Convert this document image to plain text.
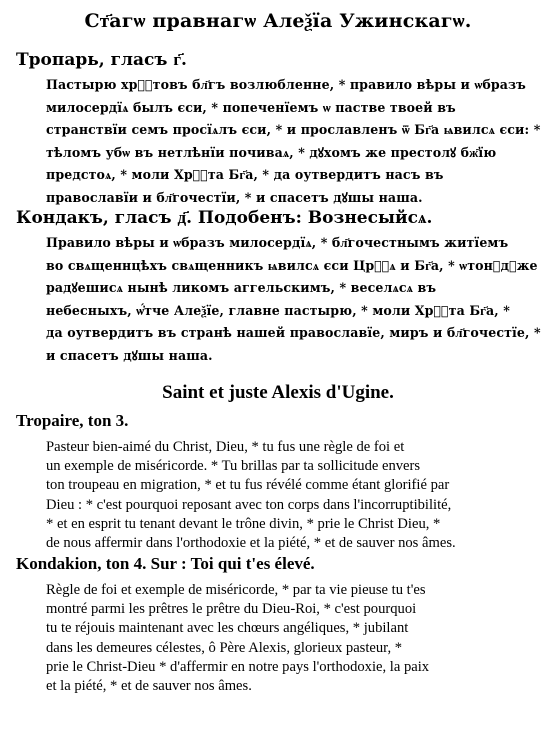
Ст҃агѡ правнагѡ Алеѯїа Ужинскагѡ.
Тропарь, гласъ г҃.
Пастырю хрⷭ҇товъ бл҃гъ возлюбленне, * правило вѣры и ѡбразъ
милосердїѧ былъ єси, * попеченїемъ ѡ пастве твоей въ
странствїи семъ просїѧлъ єси, * и прославленъ ѿ Бг҃а ѩвилсѧ єси: *
тѣломъ убѡ въ нетлѣнїи почиваѧ, * дꙋхомъ же престолꙋ бж҃їю
предстоѧ, * моли Хрⷭ҇та Бг҃а, * да оутвердитъ насъ въ
православїи и бл҃гочестїи, * и спасетъ дꙋшы наша.
Кондакъ, гласъ д҃. Подобенъ: Вознесыйсѧ.
Правило вѣры и ѡбразъ милосердїѧ, * бл҃гочестнымъ житїемъ
во свѧщеннцѣхъ свѧщенникъ ѩвилсѧ єси Црⷭ҇ѧ и Бг҃а, * ѡтонꙋдꙋже
радꙋешисѧ нынѣ ликомъ аггельскимъ, * веселѧсѧ въ
небесныхъ, ѡ҆́тче Алеѯїе, главне пастырю, * моли Хрⷭ҇та Бг҃а, *
да оутвердитъ въ странѣ нашей православїе, миръ и бл҃гочестїе, *
и спасетъ дꙋшы наша.
Saint et juste Alexis d'Ugine.
Tropaire, ton 3.
Pasteur bien-aimé du Christ, Dieu, * tu fus une règle de foi et
un exemple de miséricorde. * Tu brillas par ta sollicitude envers
ton troupeau en migration, * et tu fus révélé comme étant glorifié par
Dieu : * c'est pourquoi reposant avec ton corps dans l'incorruptibilité,
* et en esprit tu tenant devant le trône divin, * prie le Christ Dieu, *
de nous affermir dans l'orthodoxie et la piété, * et de sauver nos âmes.
Kondakion, ton 4. Sur : Toi qui t'es élevé.
Règle de foi et exemple de miséricorde, * par ta vie pieuse tu t'es
montré parmi les prêtres le prêtre du Dieu-Roi, * c'est pourquoi
tu te réjouis maintenant avec les chœurs angéliques, * jubilant
dans les demeures célestes, ô Père Alexis, glorieux pasteur, *
prie le Christ-Dieu * d'affermir en notre pays l'orthodoxie, la paix
et la piété, * et de sauver nos âmes.
